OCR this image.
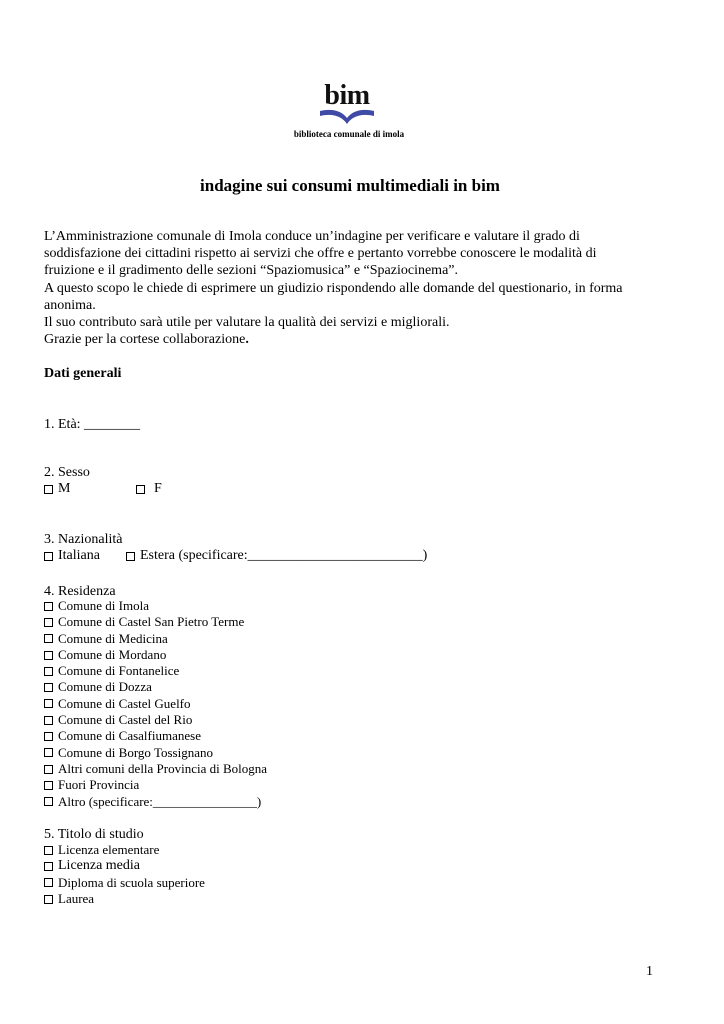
bim
biblioteca comunale di imola
indagine sui consumi multimediali in bim

L’Amministrazione comunale di Imola conduce un’indagine per verificare e valutare il grado di

soddisfazione dei cittadini rispetto ai servizi che offre e pertanto vorrebbe conoscere le modalità di

fruizione e il gradimento delle sezioni “Spaziomusica” e “Spaziocinema”.

A questo scopo le chiede di esprimere un giudizio rispondendo alle domande del questionario, in forma

anonima.

Il suo contributo sarà utile per valutare la qualità dei servizi e migliorali.

Grazie per la cortese collaborazione.

Dati generali
1. Età: ________
2. Sesso
M	F
3. Nazionalità
Italiana	Estera (specificare:_________________________)
4. Residenza
Comune di Imola
Comune di Castel San Pietro Terme
Comune di Medicina
Comune di Mordano
Comune di Fontanelice
Comune di Dozza
Comune di Castel Guelfo
Comune di Castel del Rio
Comune di Casalfiumanese
Comune di Borgo Tossignano
Altri comuni della Provincia di Bologna
Fuori Provincia
Altro (specificare:________________)
5. Titolo di studio
Licenza elementare
Licenza media
Diploma di scuola superiore
Laurea
1
